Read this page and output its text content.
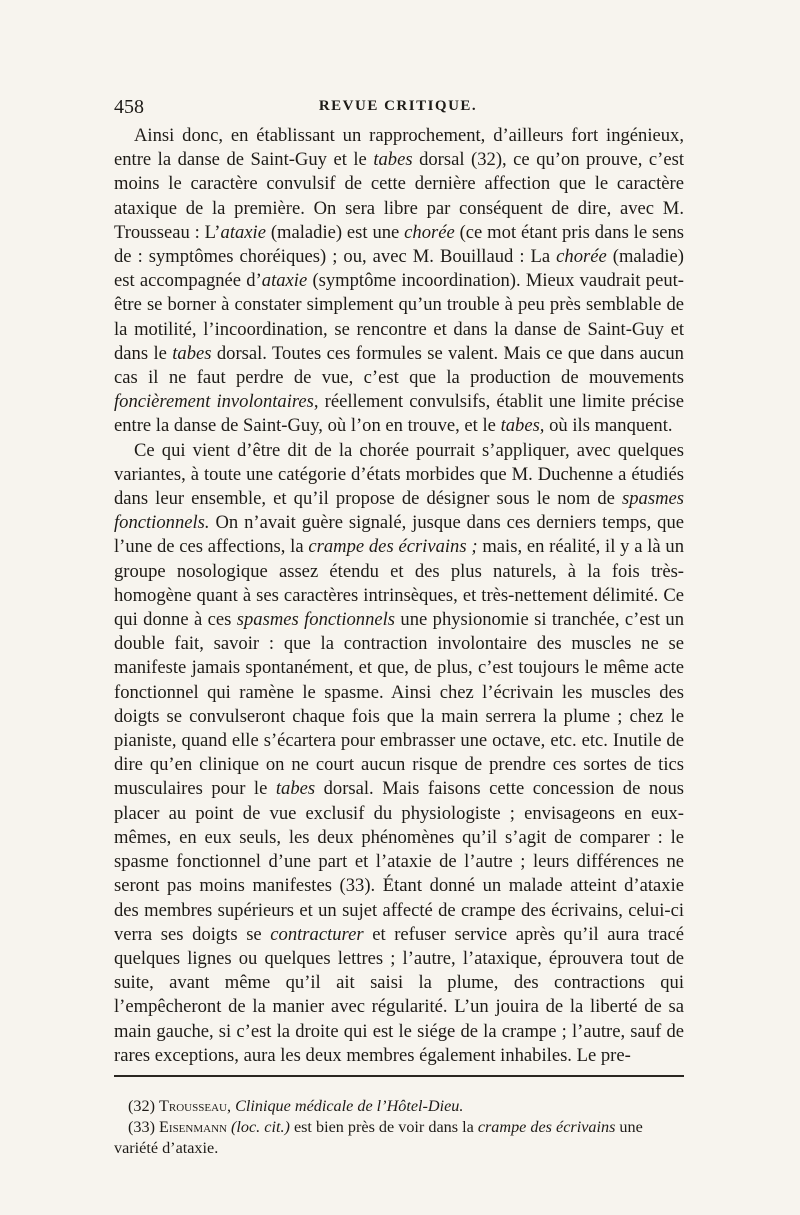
458	REVUE CRITIQUE.

Ainsi donc, en établissant un rapprochement, d’ailleurs fort ingénieux, entre la danse de Saint-Guy et le tabes dorsal (32), ce qu’on prouve, c’est moins le caractère convulsif de cette dernière affection que le caractère ataxique de la première. On sera libre par conséquent de dire, avec M. Trousseau : L’ataxie (maladie) est une chorée (ce mot étant pris dans le sens de : symptômes choréiques) ; ou, avec M. Bouillaud : La chorée (maladie) est accompagnée d’ataxie (symptôme incoordination). Mieux vaudrait peut-être se borner à constater simplement qu’un trouble à peu près semblable de la motilité, l’incoordination, se rencontre et dans la danse de Saint-Guy et dans le tabes dorsal. Toutes ces formules se valent. Mais ce que dans aucun cas il ne faut perdre de vue, c’est que la production de mouvements foncièrement involontaires, réellement convulsifs, établit une limite précise entre la danse de Saint-Guy, où l’on en trouve, et le tabes, où ils manquent.

Ce qui vient d’être dit de la chorée pourrait s’appliquer, avec quelques variantes, à toute une catégorie d’états morbides que M. Duchenne a étudiés dans leur ensemble, et qu’il propose de désigner sous le nom de spasmes fonctionnels. On n’avait guère signalé, jusque dans ces derniers temps, que l’une de ces affections, la crampe des écrivains ; mais, en réalité, il y a là un groupe nosologique assez étendu et des plus naturels, à la fois très-homogène quant à ses caractères intrinsèques, et très-nettement délimité. Ce qui donne à ces spasmes fonctionnels une physionomie si tranchée, c’est un double fait, savoir : que la contraction involontaire des muscles ne se manifeste jamais spontanément, et que, de plus, c’est toujours le même acte fonctionnel qui ramène le spasme. Ainsi chez l’écrivain les muscles des doigts se convulseront chaque fois que la main serrera la plume ; chez le pianiste, quand elle s’écartera pour embrasser une octave, etc. etc. Inutile de dire qu’en clinique on ne court aucun risque de prendre ces sortes de tics musculaires pour le tabes dorsal. Mais faisons cette concession de nous placer au point de vue exclusif du physiologiste ; envisageons en eux-mêmes, en eux seuls, les deux phénomènes qu’il s’agit de comparer : le spasme fonctionnel d’une part et l’ataxie de l’autre ; leurs différences ne seront pas moins manifestes (33). Étant donné un malade atteint d’ataxie des membres supérieurs et un sujet affecté de crampe des écrivains, celui-ci verra ses doigts se contracturer et refuser service après qu’il aura tracé quelques lignes ou quelques lettres ; l’autre, l’ataxique, éprouvera tout de suite, avant même qu’il ait saisi la plume, des contractions qui l’empêcheront de la manier avec régularité. L’un jouira de la liberté de sa main gauche, si c’est la droite qui est le siége de la crampe ; l’autre, sauf de rares exceptions, aura les deux membres également inhabiles. Le pre-

(32) Trousseau, Clinique médicale de l’Hôtel-Dieu.

(33) Eisenmann (loc. cit.) est bien près de voir dans la crampe des écrivains une variété d’ataxie.
